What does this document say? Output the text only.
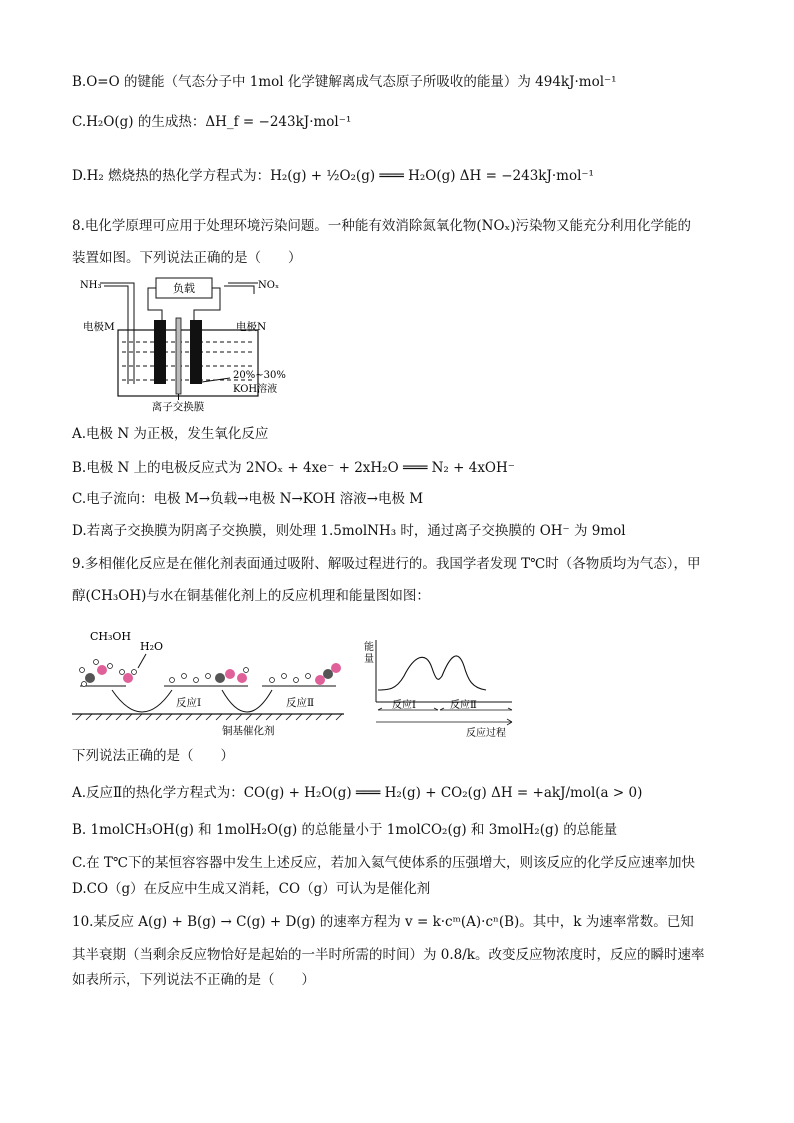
B.O=O 的键能（气态分子中 1mol 化学键解离成气态原子所吸收的能量）为 494kJ·mol⁻¹
C.H₂O(g) 的生成热：ΔH_f = −243kJ·mol⁻¹
D.H₂ 燃烧热的热化学方程式为：H₂(g) + ½O₂(g) ═══ H₂O(g) ΔH = −243kJ·mol⁻¹
8.电化学原理可应用于处理环境污染问题。一种能有效消除氮氧化物(NOₓ)污染物又能充分利用化学能的
装置如图。下列说法正确的是（　　）
负载
NH₃	NOₓ
电极M	电极N
20%~30%
KOH溶液
离子交换膜
A.电极 N 为正极，发生氧化反应
B.电极 N 上的电极反应式为 2NOₓ + 4xe⁻ + 2xH₂O ═══ N₂ + 4xOH⁻
C.电子流向：电极 M→负载→电极 N→KOH 溶液→电极 M
D.若离子交换膜为阴离子交换膜，则处理 1.5molNH₃ 时，通过离子交换膜的 OH⁻ 为 9mol
9.多相催化反应是在催化剂表面通过吸附、解吸过程进行的。我国学者发现 T℃时（各物质均为气态），甲
醇(CH₃OH)与水在铜基催化剂上的反应机理和能量图如图：
CH₃OH
H₂O
反应Ⅰ	反应Ⅱ
铜基催化剂
能
量
反应Ⅰ	反应Ⅱ
反应过程
下列说法正确的是（　　）
A.反应Ⅱ的热化学方程式为：CO(g) + H₂O(g) ═══ H₂(g) + CO₂(g) ΔH = +akJ/mol(a > 0)
B. 1molCH₃OH(g) 和 1molH₂O(g) 的总能量小于 1molCO₂(g) 和 3molH₂(g) 的总能量
C.在 T℃下的某恒容容器中发生上述反应，若加入氦气使体系的压强增大，则该反应的化学反应速率加快
D.CO（g）在反应中生成又消耗，CO（g）可认为是催化剂
10.某反应 A(g) + B(g) → C(g) + D(g) 的速率方程为 v = k·cᵐ(A)·cⁿ(B)。其中，k 为速率常数。已知
其半衰期（当剩余反应物恰好是起始的一半时所需的时间）为 0.8/k。改变反应物浓度时，反应的瞬时速率
如表所示，下列说法不正确的是（　　）
